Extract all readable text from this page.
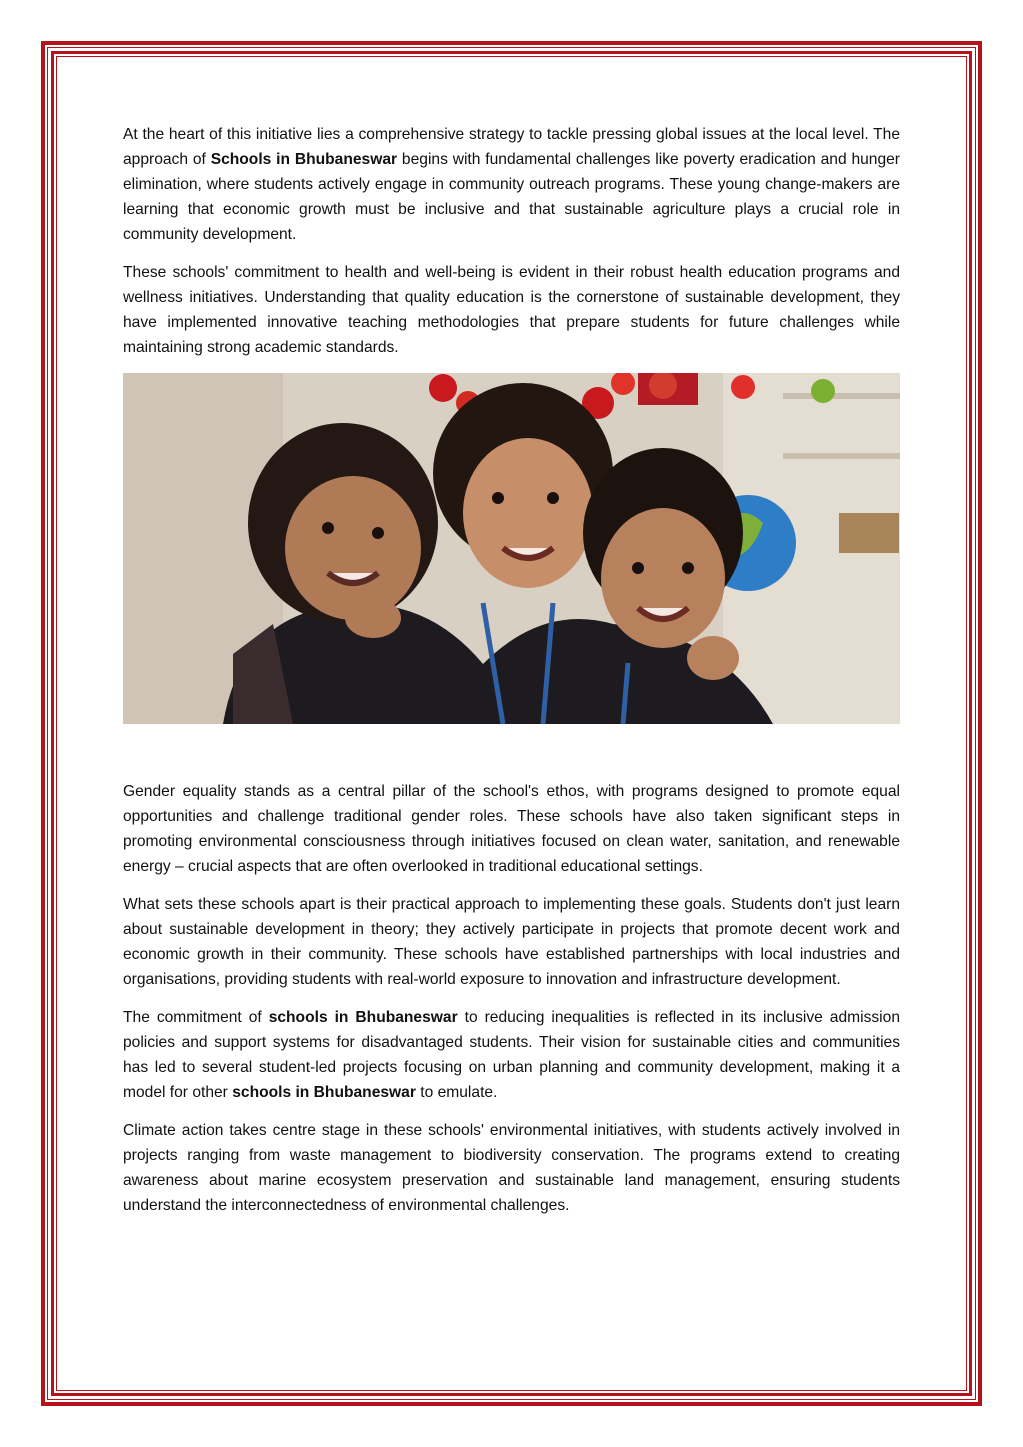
At the heart of this initiative lies a comprehensive strategy to tackle pressing global issues at the local level. The approach of Schools in Bhubaneswar begins with fundamental challenges like poverty eradication and hunger elimination, where students actively engage in community outreach programs. These young change-makers are learning that economic growth must be inclusive and that sustainable agriculture plays a crucial role in community development.

These schools' commitment to health and well-being is evident in their robust health education programs and wellness initiatives. Understanding that quality education is the cornerstone of sustainable development, they have implemented innovative teaching methodologies that prepare students for future challenges while maintaining strong academic standards.

Gender equality stands as a central pillar of the school's ethos, with programs designed to promote equal opportunities and challenge traditional gender roles. These schools have also taken significant steps in promoting environmental consciousness through initiatives focused on clean water, sanitation, and renewable energy – crucial aspects that are often overlooked in traditional educational settings.

What sets these schools apart is their practical approach to implementing these goals. Students don't just learn about sustainable development in theory; they actively participate in projects that promote decent work and economic growth in their community. These schools have established partnerships with local industries and organisations, providing students with real-world exposure to innovation and infrastructure development.

The commitment of schools in Bhubaneswar to reducing inequalities is reflected in its inclusive admission policies and support systems for disadvantaged students. Their vision for sustainable cities and communities has led to several student-led projects focusing on urban planning and community development, making it a model for other schools in Bhubaneswar to emulate.

Climate action takes centre stage in these schools' environmental initiatives, with students actively involved in projects ranging from waste management to biodiversity conservation. The programs extend to creating awareness about marine ecosystem preservation and sustainable land management, ensuring students understand the interconnectedness of environmental challenges.
